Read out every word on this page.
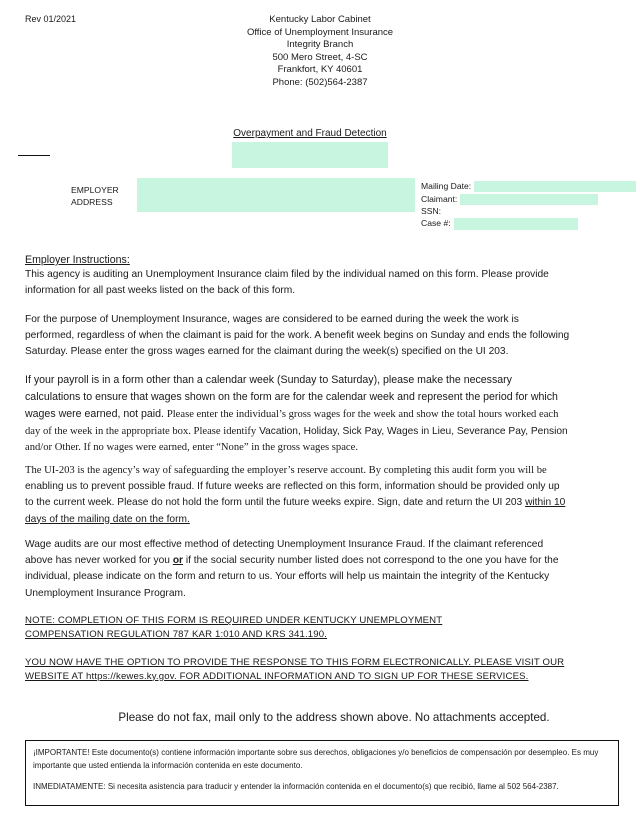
Rev 01/2021	Kentucky Labor Cabinet
Office of Unemployment Insurance
Integrity Branch
500 Mero Street, 4-SC
Frankfort, KY 40601
Phone: (502)564-2387
Overpayment and Fraud Detection
EMPLOYER
ADDRESS
Mailing Date:
Claimant:
SSN:
Case #:
Employer Instructions:
This agency is auditing an Unemployment Insurance claim filed by the individual named on this form. Please provide information for all past weeks listed on the back of this form.
For the purpose of Unemployment Insurance, wages are considered to be earned during the week the work is performed, regardless of when the claimant is paid for the work. A benefit week begins on Sunday and ends the following Saturday. Please enter the gross wages earned for the claimant during the week(s) specified on the UI 203.
If your payroll is in a form other than a calendar week (Sunday to Saturday), please make the necessary calculations to ensure that wages shown on the form are for the calendar week and represent the period for which wages were earned, not paid. Please enter the individual’s gross wages for the week and show the total hours worked each day of the week in the appropriate box. Please identify Vacation, Holiday, Sick Pay, Wages in Lieu, Severance Pay, Pension and/or Other. If no wages were earned, enter “None” in the gross wages space.
The UI-203 is the agency’s way of safeguarding the employer’s reserve account. By completing this audit form you will be enabling us to prevent possible fraud. If future weeks are reflected on this form, information should be provided only up to the current week. Please do not hold the form until the future weeks expire. Sign, date and return the UI 203 within 10 days of the mailing date on the form.
Wage audits are our most effective method of detecting Unemployment Insurance Fraud. If the claimant referenced above has never worked for you or if the social security number listed does not correspond to the one you have for the individual, please indicate on the form and return to us. Your efforts will help us maintain the integrity of the Kentucky Unemployment Insurance Program.
NOTE: COMPLETION OF THIS FORM IS REQUIRED UNDER KENTUCKY UNEMPLOYMENT COMPENSATION REGULATION 787 KAR 1:010 AND KRS 341.190.
YOU NOW HAVE THE OPTION TO PROVIDE THE RESPONSE TO THIS FORM ELECTRONICALLY. PLEASE VISIT OUR WEBSITE AT https://kewes.ky.gov. FOR ADDITIONAL INFORMATION AND TO SIGN UP FOR THESE SERVICES.
Please do not fax, mail only to the address shown above. No attachments accepted.
¡IMPORTANTE! Este documento(s) contiene información importante sobre sus derechos, obligaciones y/o beneficios de compensación por desempleo. Es muy importante que usted entienda la información contenida en este documento.
INMEDIATAMENTE: Si necesita asistencia para traducir y entender la información contenida en el documento(s) que recibió, llame al 502 564-2387.
